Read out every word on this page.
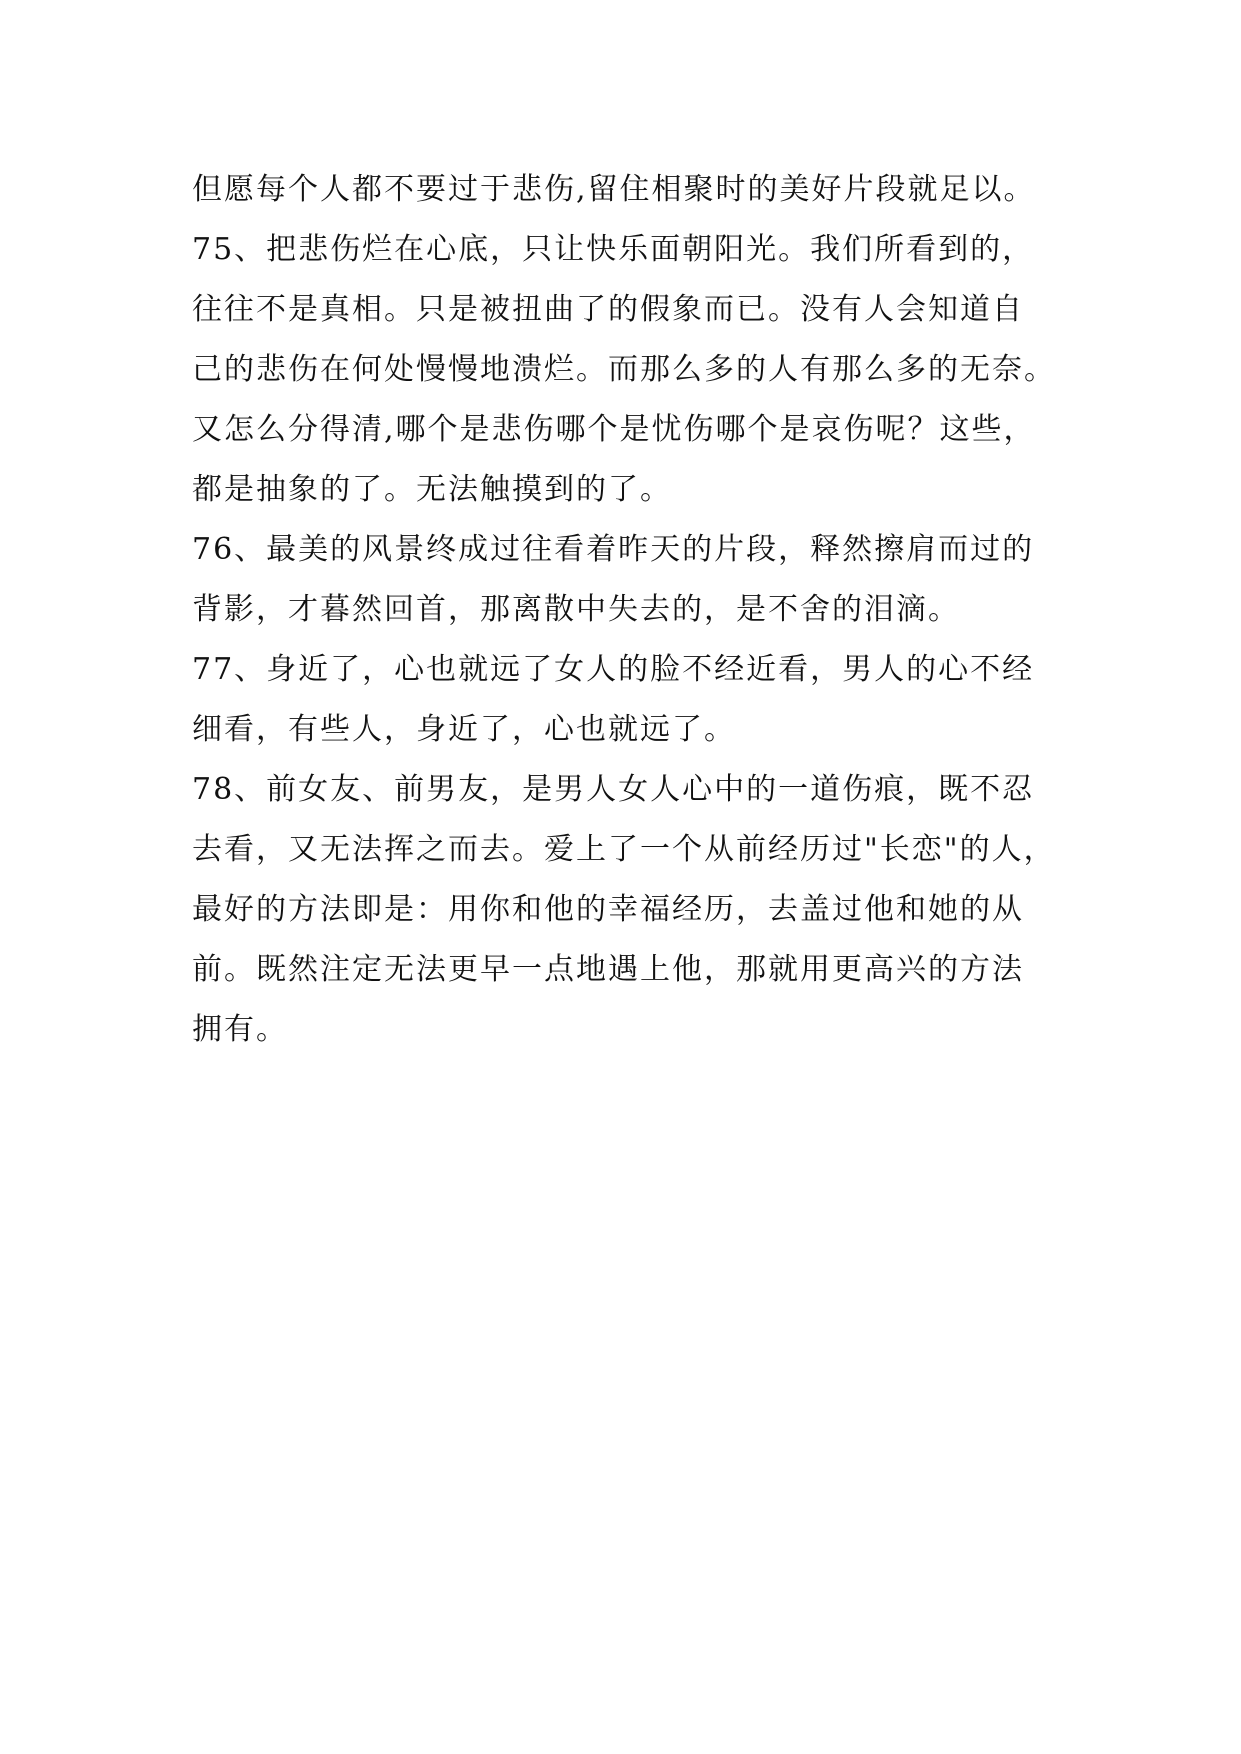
但愿每个人都不要过于悲伤,留住相聚时的美好片段就足以。
75、把悲伤烂在心底，只让快乐面朝阳光。我们所看到的，
往往不是真相。只是被扭曲了的假象而已。没有人会知道自
己的悲伤在何处慢慢地溃烂。而那么多的人有那么多的无奈。
又怎么分得清,哪个是悲伤哪个是忧伤哪个是哀伤呢？这些，
都是抽象的了。无法触摸到的了。
76、最美的风景终成过往看着昨天的片段，释然擦肩而过的
背影，才暮然回首，那离散中失去的，是不舍的泪滴。
77、身近了，心也就远了女人的脸不经近看，男人的心不经
细看，有些人，身近了，心也就远了。
78、前女友、前男友，是男人女人心中的一道伤痕，既不忍
去看，又无法挥之而去。爱上了一个从前经历过"长恋"的人，
最好的方法即是：用你和他的幸福经历，去盖过他和她的从
前。既然注定无法更早一点地遇上他，那就用更高兴的方法
拥有。
